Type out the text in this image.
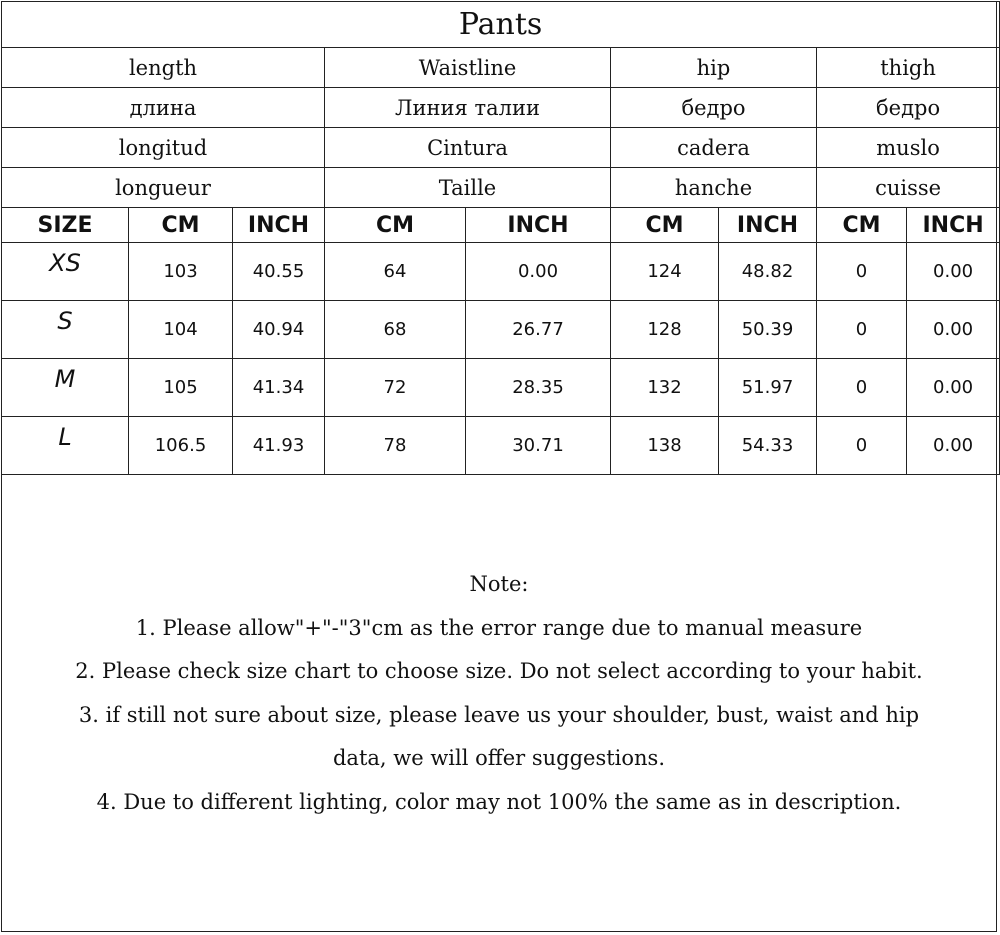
Pants								
length			Waistline		hip		thigh	
длина			Линия талии		бедро		бедро	
longitud			Cintura		cadera		muslo	
longueur			Taille		hanche		cuisse	
SIZE	CM	INCH	CM	INCH	CM	INCH	CM	INCH
XS	103	40.55	64	0.00	124	48.82	0	0.00
S	104	40.94	68	26.77	128	50.39	0	0.00
M	105	41.34	72	28.35	132	51.97	0	0.00
L	106.5	41.93	78	30.71	138	54.33	0	0.00
Note:
1. Please allow"+"-"3"cm as the error range due to manual measure
2. Please check size chart to choose size. Do not select according to your habit.
3. if still not sure about size, please leave us your shoulder, bust, waist and hip
data, we will offer suggestions.
4. Due to different lighting, color may not 100% the same as in description.
